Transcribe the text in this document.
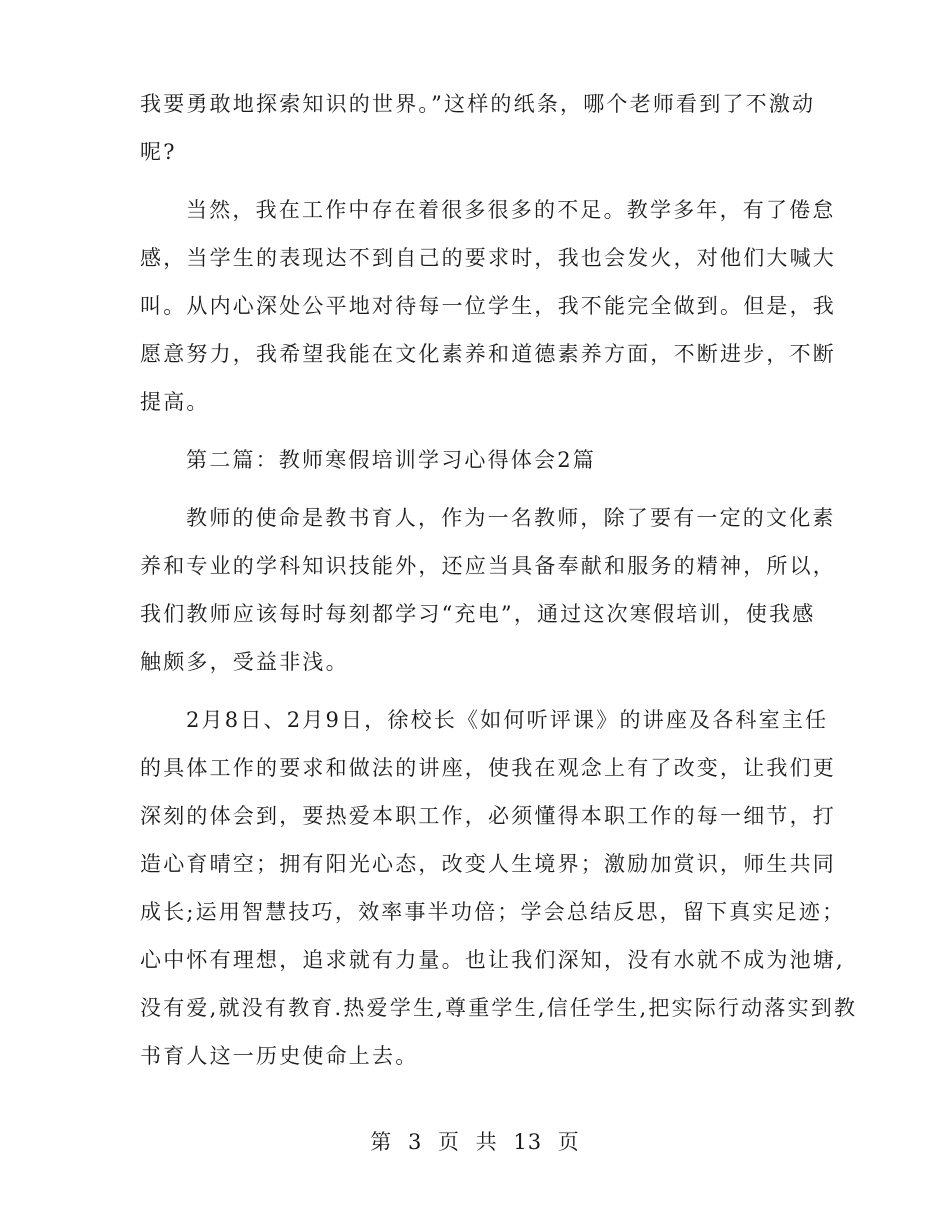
我要勇敢地探索知识的世界。”这样的纸条，哪个老师看到了不激动
呢?
当然，我在工作中存在着很多很多的不足。教学多年，有了倦怠
感，当学生的表现达不到自己的要求时，我也会发火，对他们大喊大
叫。从内心深处公平地对待每一位学生，我不能完全做到。但是，我
愿意努力，我希望我能在文化素养和道德素养方面，不断进步，不断
提高。
第二篇：教师寒假培训学习心得体会2篇
教师的使命是教书育人，作为一名教师，除了要有一定的文化素
养和专业的学科知识技能外，还应当具备奉献和服务的精神，所以，
我们教师应该每时每刻都学习“充电”，通过这次寒假培训，使我感
触颇多，受益非浅。
2月8日、2月9日，徐校长《如何听评课》的讲座及各科室主任
的具体工作的要求和做法的讲座，使我在观念上有了改变，让我们更
深刻的体会到，要热爱本职工作，必须懂得本职工作的每一细节，打
造心育晴空；拥有阳光心态，改变人生境界；激励加赏识，师生共同
成长;运用智慧技巧，效率事半功倍；学会总结反思，留下真实足迹；
心中怀有理想，追求就有力量。也让我们深知，没有水就不成为池塘,
没有爱,就没有教育.热爱学生,尊重学生,信任学生,把实际行动落实到教
书育人这一历史使命上去。
第 3 页 共 13 页
